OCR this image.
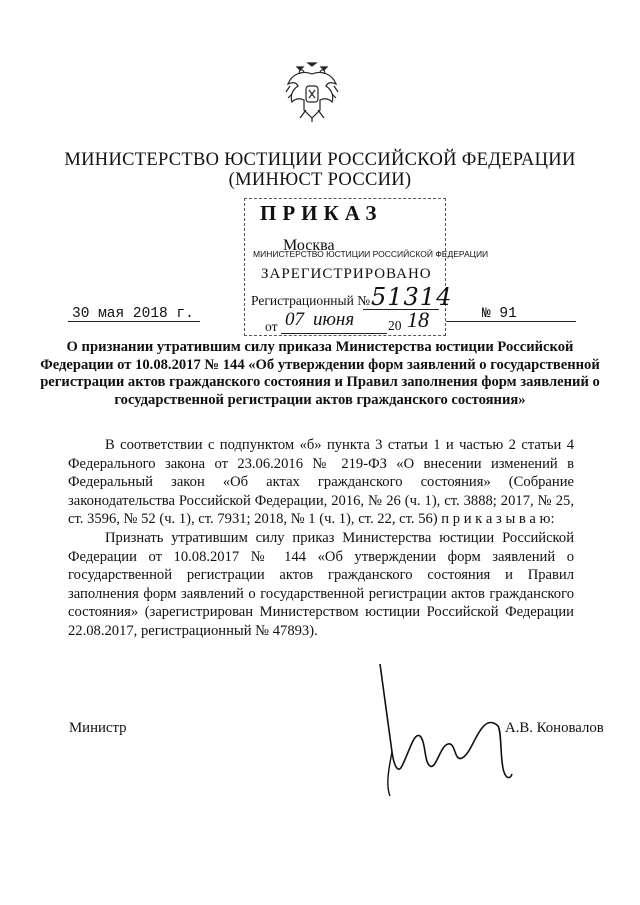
МИНИСТЕРСТВО ЮСТИЦИИ РОССИЙСКОЙ ФЕДЕРАЦИИ
(МИНЮСТ РОССИИ)
ПРИКАЗ
Москва
МИНИСТЕРСТВО ЮСТИЦИИ РОССИЙСКОЙ ФЕДЕРАЦИИ
ЗАРЕГИСТРИРОВАНО
Регистрационный № 51314
от 07 июня	20 18
30 мая 2018 г.	№ 91
О признании утратившим силу приказа Министерства юстиции Российской Федерации от 10.08.2017 № 144 «Об утверждении форм заявлений о государственной регистрации актов гражданского состояния и Правил заполнения форм заявлений о государственной регистрации актов гражданского состояния»

В соответствии с подпунктом «б» пункта 3 статьи 1 и частью 2 статьи 4 Федерального закона от 23.06.2016 № 219-ФЗ «О внесении изменений в Федеральный закон «Об актах гражданского состояния» (Собрание законодательства Российской Федерации, 2016, № 26 (ч. 1), ст. 3888; 2017, № 25, ст. 3596, № 52 (ч. 1), ст. 7931; 2018, № 1 (ч. 1), ст. 22, ст. 56) п р и к а з ы в а ю:

Признать утратившим силу приказ Министерства юстиции Российской Федерации от 10.08.2017 № 144 «Об утверждении форм заявлений о государственной регистрации актов гражданского состояния и Правил заполнения форм заявлений о государственной регистрации актов гражданского состояния» (зарегистрирован Министерством юстиции Российской Федерации 22.08.2017, регистрационный № 47893).

Министр	А.В. Коновалов
